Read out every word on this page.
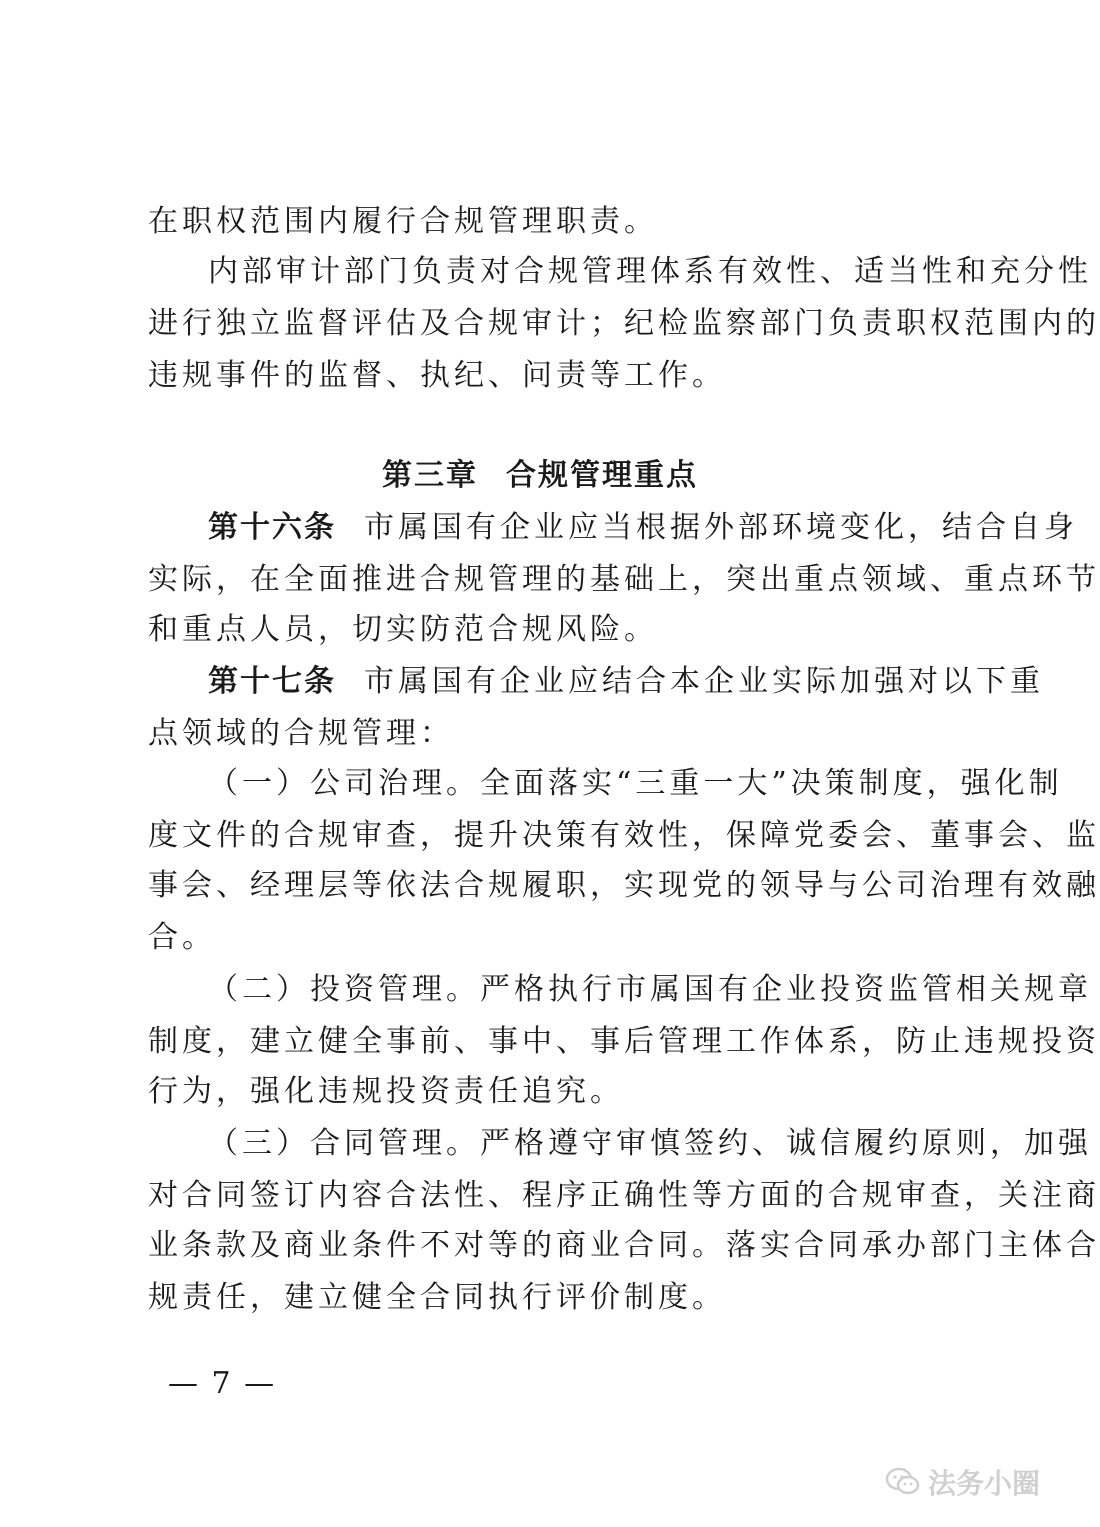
在职权范围内履行合规管理职责。
内部审计部门负责对合规管理体系有效性、适当性和充分性
进行独立监督评估及合规审计；纪检监察部门负责职权范围内的
违规事件的监督、执纪、问责等工作。
第三章 合规管理重点
第十六条 市属国有企业应当根据外部环境变化，结合自身
实际，在全面推进合规管理的基础上，突出重点领域、重点环节
和重点人员，切实防范合规风险。
第十七条 市属国有企业应结合本企业实际加强对以下重
点领域的合规管理：
（一）公司治理。全面落实“三重一大”决策制度，强化制
度文件的合规审查，提升决策有效性，保障党委会、董事会、监
事会、经理层等依法合规履职，实现党的领导与公司治理有效融
合。
（二）投资管理。严格执行市属国有企业投资监管相关规章
制度，建立健全事前、事中、事后管理工作体系，防止违规投资
行为，强化违规投资责任追究。
（三）合同管理。严格遵守审慎签约、诚信履约原则，加强
对合同签订内容合法性、程序正确性等方面的合规审查，关注商
业条款及商业条件不对等的商业合同。落实合同承办部门主体合
规责任，建立健全合同执行评价制度。
— 7 —
法务小圈
